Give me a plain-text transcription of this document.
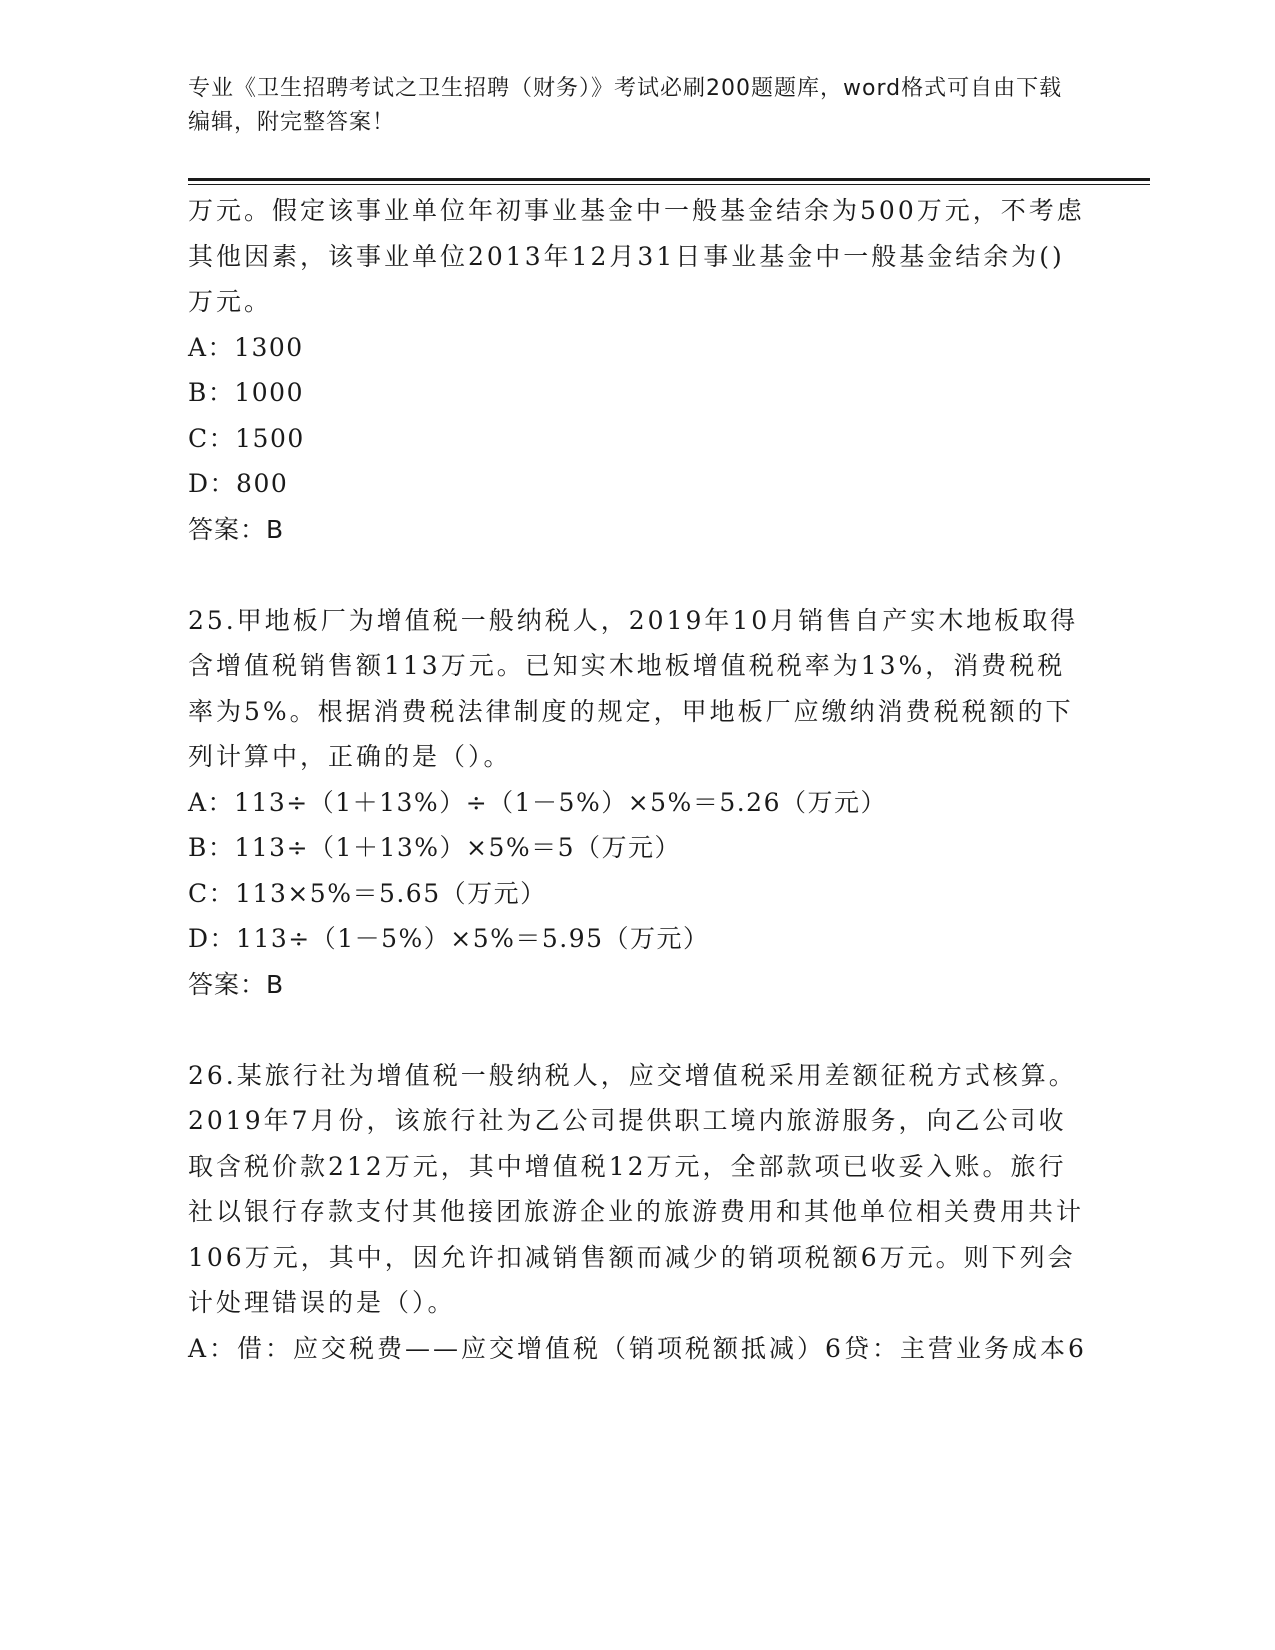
专业《卫生招聘考试之卫生招聘（财务）》考试必刷200题题库，word格式可自由下载编辑，附完整答案！

万元。假定该事业单位年初事业基金中一般基金结余为500万元，不考虑其他因素，该事业单位2013年12月31日事业基金中一般基金结余为()万元。

A：1300

B：1000

C：1500

D：800

答案：B

25.甲地板厂为增值税一般纳税人，2019年10月销售自产实木地板取得含增值税销售额113万元。已知实木地板增值税税率为13%，消费税税率为5%。根据消费税法律制度的规定，甲地板厂应缴纳消费税税额的下列计算中，正确的是（）。

A：113÷（1＋13%）÷（1－5%）×5%＝5.26（万元）

B：113÷（1＋13%）×5%＝5（万元）

C：113×5%＝5.65（万元）

D：113÷（1－5%）×5%＝5.95（万元）

答案：B

26.某旅行社为增值税一般纳税人，应交增值税采用差额征税方式核算。2019年7月份，该旅行社为乙公司提供职工境内旅游服务，向乙公司收取含税价款212万元，其中增值税12万元，全部款项已收妥入账。旅行社以银行存款支付其他接团旅游企业的旅游费用和其他单位相关费用共计106万元，其中，因允许扣减销售额而减少的销项税额6万元。则下列会计处理错误的是（）。

A：借：应交税费——应交增值税（销项税额抵减）6贷：主营业务成本6
